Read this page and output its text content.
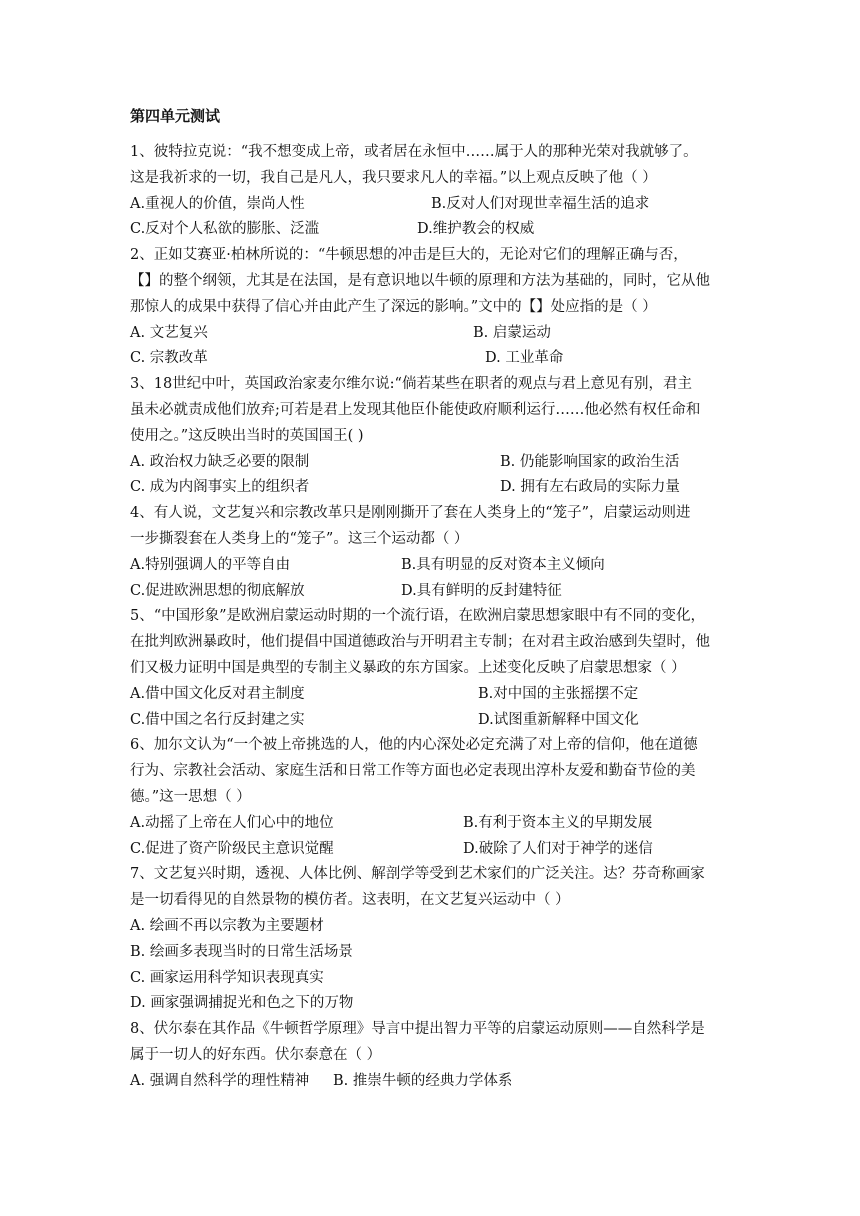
第四单元测试
1、彼特拉克说：“我不想变成上帝，或者居在永恒中……属于人的那种光荣对我就够了。
这是我祈求的一切，我自己是凡人，我只要求凡人的幸福。”以上观点反映了他（ ）
A.重视人的价值，崇尚人性	B.反对人们对现世幸福生活的追求
C.反对个人私欲的膨胀、泛滥	D.维护教会的权威
2、正如艾赛亚·柏林所说的：“牛顿思想的冲击是巨大的，无论对它们的理解正确与否，
【】的整个纲领，尤其是在法国，是有意识地以牛顿的原理和方法为基础的，同时，它从他
那惊人的成果中获得了信心并由此产生了深远的影响。”文中的【】处应指的是（ ）
A. 文艺复兴	B. 启蒙运动
C. 宗教改革	D. 工业革命
3、18世纪中叶，英国政治家麦尔维尔说:“倘若某些在职者的观点与君上意见有别，君主
虽未必就责成他们放弃;可若是君上发现其他臣仆能使政府顺利运行……他必然有权任命和
使用之。”这反映出当时的英国国王( )
A. 政治权力缺乏必要的限制	B. 仍能影响国家的政治生活
C. 成为内阁事实上的组织者	D. 拥有左右政局的实际力量
4、有人说，文艺复兴和宗教改革只是刚刚撕开了套在人类身上的“笼子”，启蒙运动则进
一步撕裂套在人类身上的“笼子”。这三个运动都（ ）
A.特别强调人的平等自由	B.具有明显的反对资本主义倾向
C.促进欧洲思想的彻底解放	D.具有鲜明的反封建特征
5、“中国形象”是欧洲启蒙运动时期的一个流行语，在欧洲启蒙思想家眼中有不同的变化，
在批判欧洲暴政时，他们提倡中国道德政治与开明君主专制；在对君主政治感到失望时，他
们又极力证明中国是典型的专制主义暴政的东方国家。上述变化反映了启蒙思想家（ ）
A.借中国文化反对君主制度	B.对中国的主张摇摆不定
C.借中国之名行反封建之实	D.试图重新解释中国文化
6、加尔文认为“一个被上帝挑选的人，他的内心深处必定充满了对上帝的信仰，他在道德
行为、宗教社会活动、家庭生活和日常工作等方面也必定表现出淳朴友爱和勤奋节俭的美
德。”这一思想（ ）
A.动摇了上帝在人们心中的地位	B.有利于资本主义的早期发展
C.促进了资产阶级民主意识觉醒	D.破除了人们对于神学的迷信
7、文艺复兴时期，透视、人体比例、解剖学等受到艺术家们的广泛关注。达？芬奇称画家
是一切看得见的自然景物的模仿者。这表明，在文艺复兴运动中（ ）
A. 绘画不再以宗教为主要题材
B. 绘画多表现当时的日常生活场景
C. 画家运用科学知识表现真实
D. 画家强调捕捉光和色之下的万物
8、伏尔泰在其作品《牛顿哲学原理》导言中提出智力平等的启蒙运动原则——自然科学是
属于一切人的好东西。伏尔泰意在（ ）
A. 强调自然科学的理性精神 B. 推崇牛顿的经典力学体系
